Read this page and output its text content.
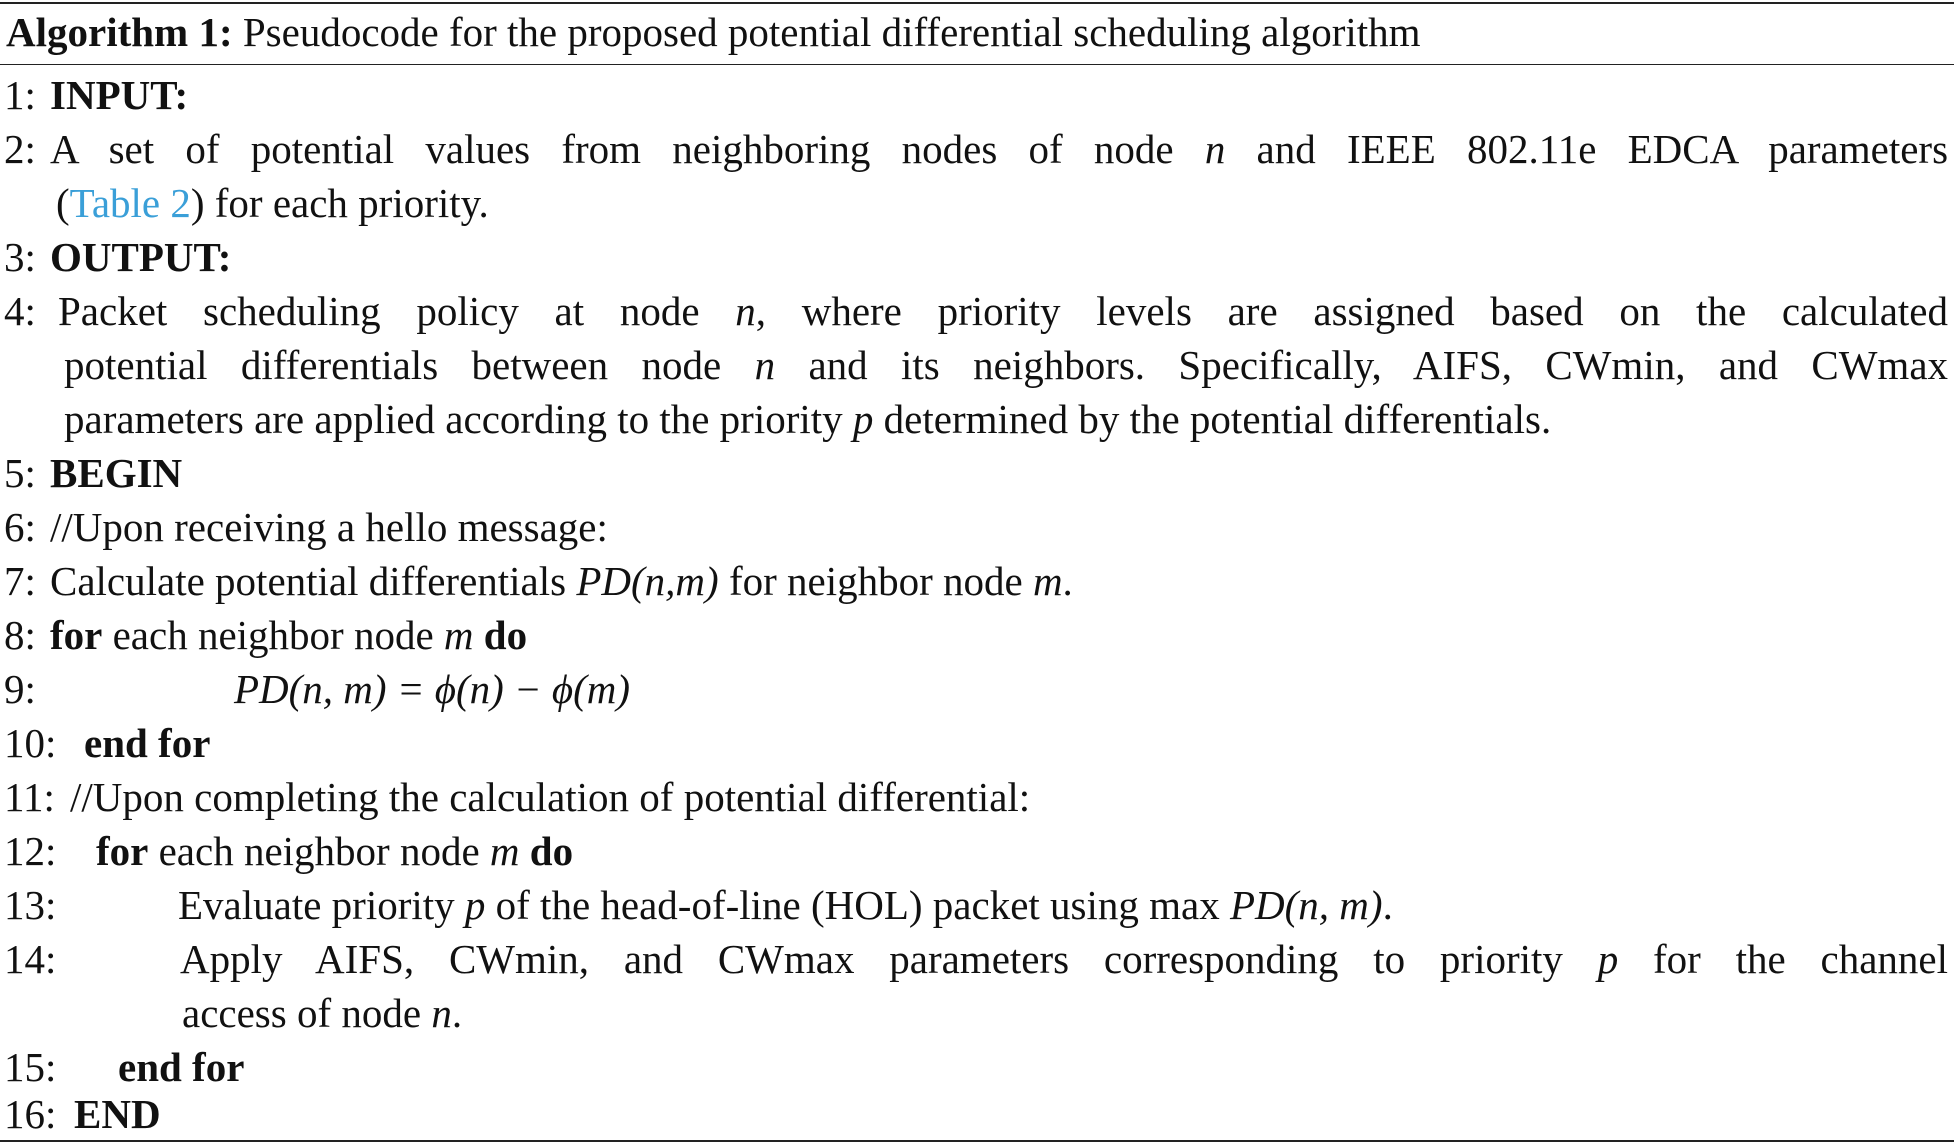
Algorithm 1: Pseudocode for the proposed potential differential scheduling algorithm
1: INPUT:
2: A set of potential values from neighboring nodes of node n and IEEE 802.11e EDCA parameters
(Table 2) for each priority.
3: OUTPUT:
4: Packet scheduling policy at node n, where priority levels are assigned based on the calculated
potential differentials between node n and its neighbors. Specifically, AIFS, CWmin, and CWmax
parameters are applied according to the priority p determined by the potential differentials.
5: BEGIN
6: //Upon receiving a hello message:
7: Calculate potential differentials PD(n,m) for neighbor node m.
8: for each neighbor node m do
9:	PD(n, m) = ϕ(n) − ϕ(m)
10: end for
11: //Upon completing the calculation of potential differential:
12: for each neighbor node m do
13:	Evaluate priority p of the head-of-line (HOL) packet using max PD(n, m).
14:	Apply AIFS, CWmin, and CWmax parameters corresponding to priority p for the channel
access of node n.
15: end for
16: END
